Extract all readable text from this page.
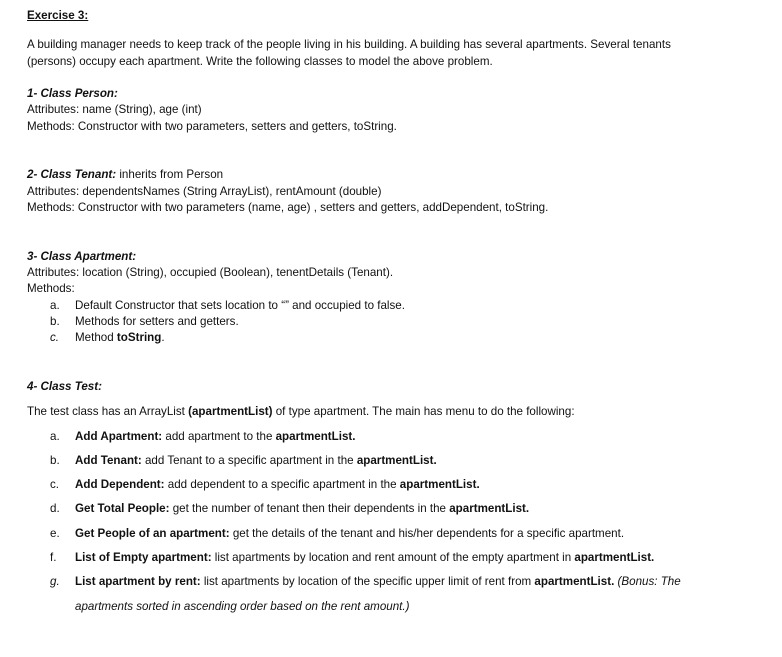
Exercise 3:
A building manager needs to keep track of the people living in his building. A building has several apartments. Several tenants
(persons) occupy each apartment. Write the following classes to model the above problem.
1- Class Person:
Attributes: name (String), age (int)
Methods: Constructor with two parameters, setters and getters, toString.
2- Class Tenant: inherits from Person
Attributes: dependentsNames (String ArrayList), rentAmount (double)
Methods: Constructor with two parameters (name, age) , setters and getters, addDependent, toString.
3- Class Apartment:
Attributes: location (String), occupied (Boolean), tenentDetails (Tenant).
Methods:
a.	Default Constructor that sets location to “” and occupied to false.
b.	Methods for setters and getters.
c.	Method toString.
4- Class Test:
The test class has an ArrayList (apartmentList) of type apartment. The main has menu to do the following:
a.	Add Apartment: add apartment to the apartmentList.
b.	Add Tenant: add Tenant to a specific apartment in the apartmentList.
c.	Add Dependent: add dependent to a specific apartment in the apartmentList.
d.	Get Total People: get the number of tenant then their dependents in the apartmentList.
e.	Get People of an apartment: get the details of the tenant and his/her dependents for a specific apartment.
f.	List of Empty apartment: list apartments by location and rent amount of the empty apartment in apartmentList.
g.	List apartment by rent: list apartments by location of the specific upper limit of rent from apartmentList. (Bonus: The
apartments sorted in ascending order based on the rent amount.)
